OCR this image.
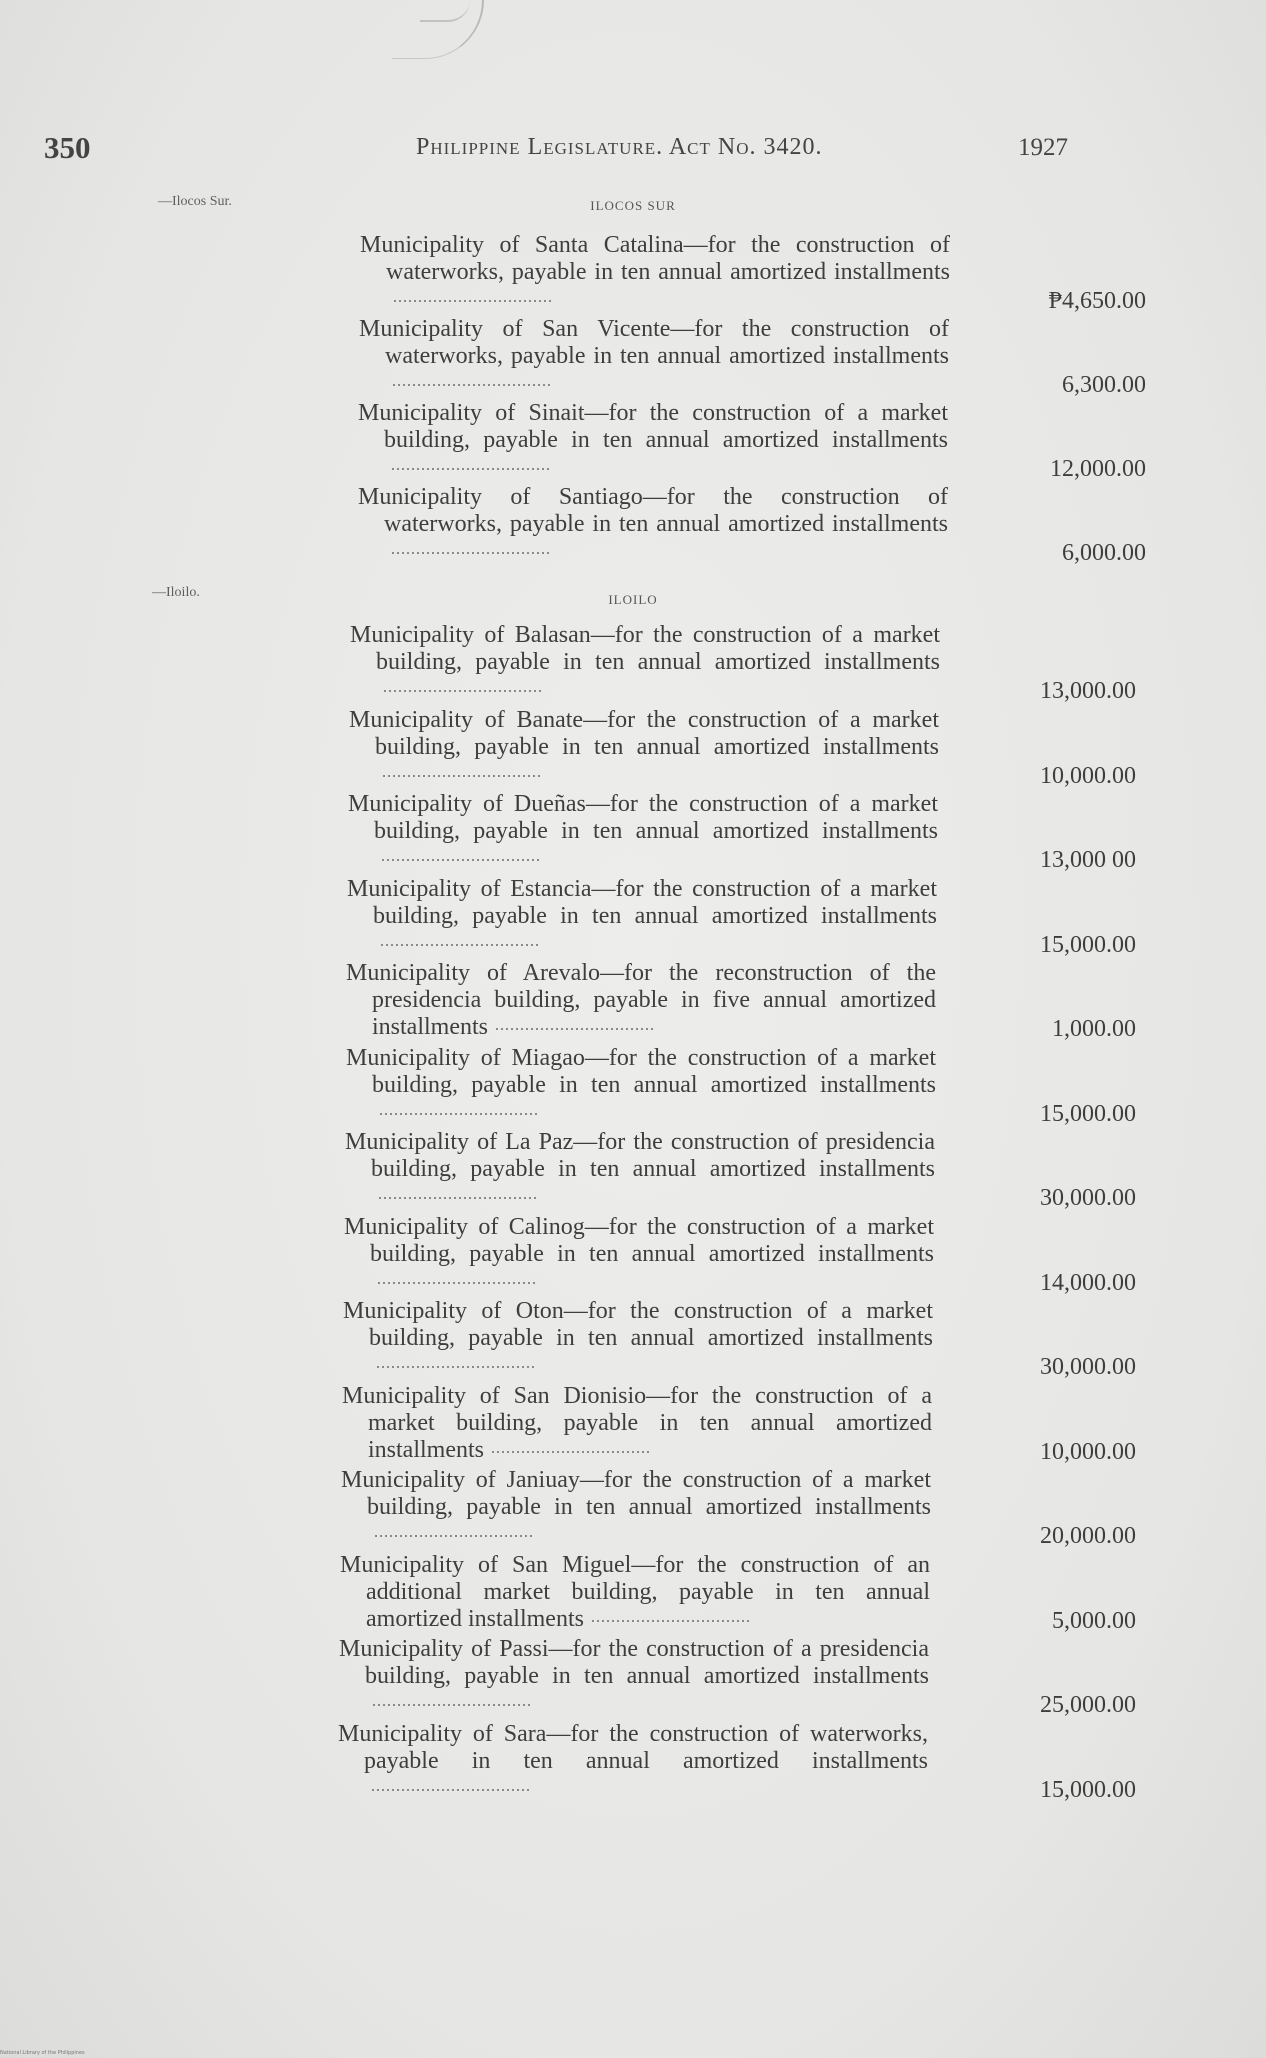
350	Philippine Legislature. Act No. 3420.	1927
—Ilocos Sur.	ILOCOS SUR
Municipality of Santa Catalina—for the construction of waterworks, payable in ten annual amortized installments
₱4,650.00
Municipality of San Vicente—for the construction of waterworks, payable in ten annual amortized installments
6,300.00
Municipality of Sinait—for the construction of a market building, payable in ten annual amortized installments
12,000.00
Municipality of Santiago—for the construction of waterworks, payable in ten annual amortized installments
6,000.00
—Iloilo.	ILOILO
Municipality of Balasan—for the construction of a market building, payable in ten annual amortized installments
13,000.00
Municipality of Banate—for the construction of a market building, payable in ten annual amortized installments
10,000.00
Municipality of Dueñas—for the construction of a market building, payable in ten annual amortized installments
13,000 00
Municipality of Estancia—for the construction of a market building, payable in ten annual amortized installments
15,000.00
Municipality of Arevalo—for the reconstruction of the presidencia building, payable in five annual amortized installments	1,000.00
Municipality of Miagao—for the construction of a market building, payable in ten annual amortized installments
15,000.00
Municipality of La Paz—for the construction of presidencia building, payable in ten annual amortized installments
30,000.00
Municipality of Calinog—for the construction of a market building, payable in ten annual amortized installments
14,000.00
Municipality of Oton—for the construction of a market building, payable in ten annual amortized installments
30,000.00
Municipality of San Dionisio—for the construction of a market building, payable in ten annual amortized installments	10,000.00
Municipality of Janiuay—for the construction of a market building, payable in ten annual amortized installments
20,000.00
Municipality of San Miguel—for the construction of an additional market building, payable in ten annual amortized installments	5,000.00
Municipality of Passi—for the construction of a presidencia building, payable in ten annual amortized installments
25,000.00
Municipality of Sara—for the construction of waterworks, payable in ten annual amortized installments
15,000.00
National Library of the Philippines
